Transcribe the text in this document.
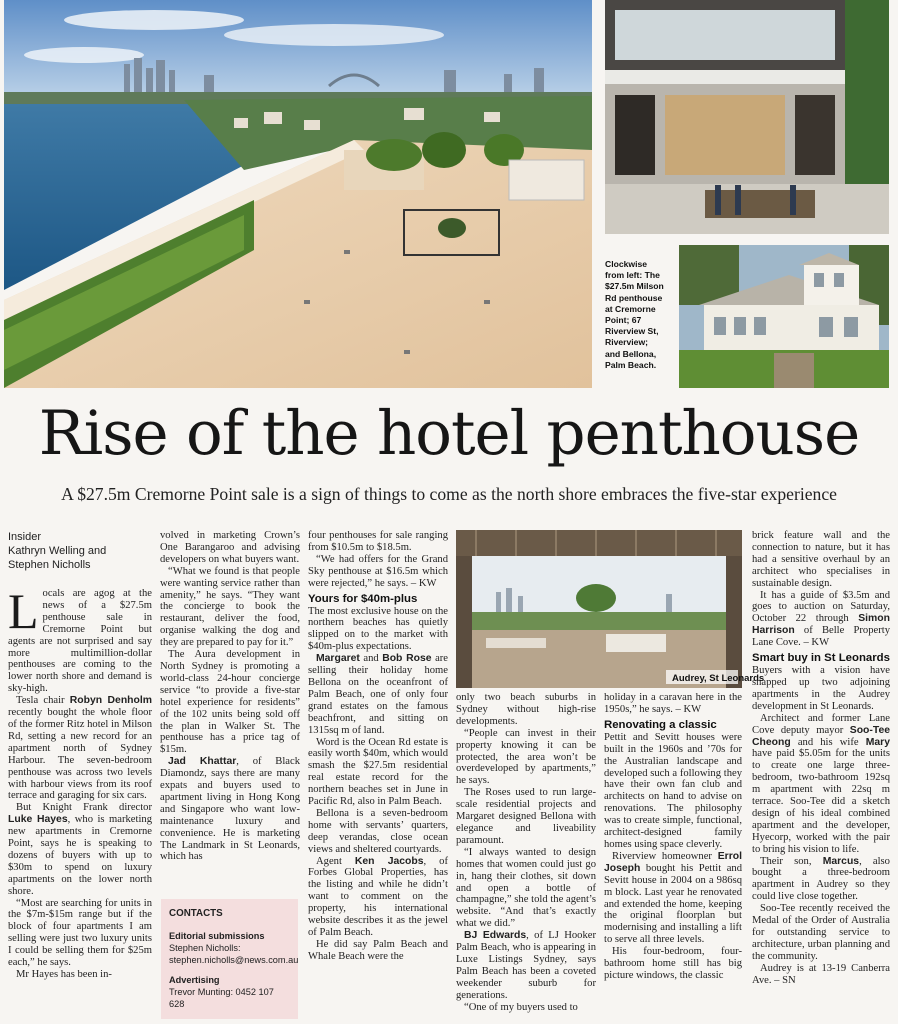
Clockwise
from left: The
$27.5m Milson
Rd penthouse
at Cremorne
Point; 67
Riverview St,
Riverview;
and Bellona,
Palm Beach.
Rise of the hotel penthouse
A $27.5m Cremorne Point sale is a sign of things to come as the north shore embraces the five-star experience
Insider
Kathryn Welling and
Stephen Nicholls

Locals are agog at the news of a $27.5m penthouse sale in Cremorne Point but agents are not surprised and say more multimillion-dollar penthouses are coming to the lower north shore and demand is sky-high.

Tesla chair Robyn Denholm recently bought the whole floor of the former Ritz hotel in Milson Rd, setting a new record for an apartment north of Sydney Harbour. The seven-bedroom penthouse was across two levels with harbour views from its roof terrace and garaging for six cars.

But Knight Frank director Luke Hayes, who is marketing new apartments in Cremorne Point, says he is speaking to dozens of buyers with up to $30m to spend on luxury apartments on the lower north shore.

“Most are searching for units in the $7m-$15m range but if the block of four apartments I am selling were just two luxury units I could be selling them for $25m each,” he says.

Mr Hayes has been in-

volved in marketing Crown’s One Barangaroo and advising developers on what buyers want.

“What we found is that people were wanting service rather than amenity,” he says. “They want the concierge to book the restaurant, deliver the food, organise walking the dog and they are prepared to pay for it.”

The Aura development in North Sydney is promoting a world-class 24-hour concierge service “to provide a five-star hotel experience for residents” of the 102 units being sold off the plan in Walker St. The penthouse has a price tag of $15m.

Jad Khattar, of Black Diamondz, says there are many expats and buyers used to apartment living in Hong Kong and Singapore who want low-maintenance luxury and convenience. He is marketing The Landmark in St Leonards, which has

CONTACTS
Editorial submissions
Stephen Nicholls:
stephen.nicholls@news.com.au
Advertising
Trevor Munting: 0452 107 628

four penthouses for sale ranging from $10.5m to $18.5m.

“We had offers for the Grand Sky penthouse at $16.5m which were rejected,” he says. – KW

Yours for $40m-plus

The most exclusive house on the northern beaches has quietly slipped on to the market with $40m-plus expectations.

Margaret and Bob Rose are selling their holiday home Bellona on the oceanfront of Palm Beach, one of only four grand estates on the famous beachfront, and sitting on 1315sq m of land.

Word is the Ocean Rd estate is easily worth $40m, which would smash the $27.5m residential real estate record for the northern beaches set in June in Pacific Rd, also in Palm Beach.

Bellona is a seven-bedroom home with servants’ quarters, deep verandas, close ocean views and sheltered courtyards.

Agent Ken Jacobs, of Forbes Global Properties, has the listing and while he didn’t want to comment on the property, his international website describes it as the jewel of Palm Beach.

He did say Palm Beach and Whale Beach were the

Audrey, St Leonards

only two beach suburbs in Sydney without high-rise developments.

“People can invest in their property knowing it can be protected, the area won’t be overdeveloped by apartments,” he says.

The Roses used to run large-scale residential projects and Margaret designed Bellona with elegance and liveability paramount.

“I always wanted to design homes that women could just go in, hang their clothes, sit down and open a bottle of champagne,” she told the agent’s website. “And that’s exactly what we did.”

BJ Edwards, of LJ Hooker Palm Beach, who is appearing in Luxe Listings Sydney, says Palm Beach has been a coveted weekender suburb for generations.

“One of my buyers used to

holiday in a caravan here in the 1950s,” he says. – KW

Renovating a classic

Pettit and Sevitt houses were built in the 1960s and ’70s for the Australian landscape and developed such a following they have their own fan club and architects on hand to advise on renovations. The philosophy was to create simple, functional, architect-designed family homes using space cleverly.

Riverview homeowner Errol Joseph bought his Pettit and Sevitt house in 2004 on a 986sq m block. Last year he renovated and extended the home, keeping the original floorplan but modernising and installing a lift to serve all three levels.

His four-bedroom, four-bathroom home still has big picture windows, the classic

brick feature wall and the connection to nature, but it has had a sensitive overhaul by an architect who specialises in sustainable design.

It has a guide of $3.5m and goes to auction on Saturday, October 22 through Simon Harrison of Belle Property Lane Cove. – KW

Smart buy in St Leonards

Buyers with a vision have snapped up two adjoining apartments in the Audrey development in St Leonards.

Architect and former Lane Cove deputy mayor Soo-Tee Cheong and his wife Mary have paid $5.05m for the units to create one large three-bedroom, two-bathroom 192sq m apartment with 22sq m terrace. Soo-Tee did a sketch design of his ideal combined apartment and the developer, Hyecorp, worked with the pair to bring his vision to life.

Their son, Marcus, also bought a three-bedroom apartment in Audrey so they could live close together.

Soo-Tee recently received the Medal of the Order of Australia for outstanding service to architecture, urban planning and the community.

Audrey is at 13-19 Canberra Ave. – SN
